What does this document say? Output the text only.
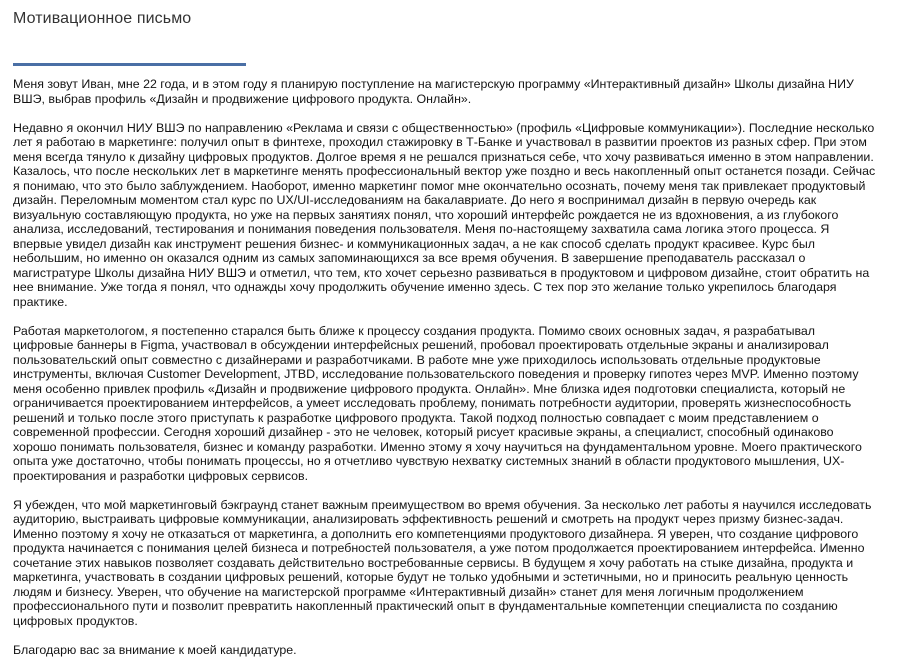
Мотивационное письмо

Меня зовут Иван, мне 22 года, и в этом году я планирую поступление на магистерскую программу «Интерактивный дизайн» Школы дизайна НИУ ВШЭ, выбрав профиль «Дизайн и продвижение цифрового продукта. Онлайн».

Недавно я окончил НИУ ВШЭ по направлению «Реклама и связи с общественностью» (профиль «Цифровые коммуникации»). Последние несколько лет я работаю в маркетинге: получил опыт в финтехе, проходил стажировку в Т-Банке и участвовал в развитии проектов из разных сфер. При этом меня всегда тянуло к дизайну цифровых продуктов. Долгое время я не решался признаться себе, что хочу развиваться именно в этом направлении. Казалось, что после нескольких лет в маркетинге менять профессиональный вектор уже поздно и весь накопленный опыт останется позади. Сейчас я понимаю, что это было заблуждением. Наоборот, именно маркетинг помог мне окончательно осознать, почему меня так привлекает продуктовый дизайн. Переломным моментом стал курс по UX/UI-исследованиям на бакалавриате. До него я воспринимал дизайн в первую очередь как визуальную составляющую продукта, но уже на первых занятиях понял, что хороший интерфейс рождается не из вдохновения, а из глубокого анализа, исследований, тестирования и понимания поведения пользователя. Меня по-настоящему захватила сама логика этого процесса. Я впервые увидел дизайн как инструмент решения бизнес- и коммуникационных задач, а не как способ сделать продукт красивее. Курс был небольшим, но именно он оказался одним из самых запоминающихся за все время обучения. В завершение преподаватель рассказал о магистратуре Школы дизайна НИУ ВШЭ и отметил, что тем, кто хочет серьезно развиваться в продуктовом и цифровом дизайне, стоит обратить на нее внимание. Уже тогда я понял, что однажды хочу продолжить обучение именно здесь. С тех пор это желание только укрепилось благодаря практике.

Работая маркетологом, я постепенно старался быть ближе к процессу создания продукта. Помимо своих основных задач, я разрабатывал цифровые баннеры в Figma, участвовал в обсуждении интерфейсных решений, пробовал проектировать отдельные экраны и анализировал пользовательский опыт совместно с дизайнерами и разработчиками. В работе мне уже приходилось использовать отдельные продуктовые инструменты, включая Customer Development, JTBD, исследование пользовательского поведения и проверку гипотез через MVP. Именно поэтому меня особенно привлек профиль «Дизайн и продвижение цифрового продукта. Онлайн». Мне близка идея подготовки специалиста, который не ограничивается проектированием интерфейсов, а умеет исследовать проблему, понимать потребности аудитории, проверять жизнеспособность решений и только после этого приступать к разработке цифрового продукта. Такой подход полностью совпадает с моим представлением о современной профессии. Сегодня хороший дизайнер - это не человек, который рисует красивые экраны, а специалист, способный одинаково хорошо понимать пользователя, бизнес и команду разработки. Именно этому я хочу научиться на фундаментальном уровне. Моего практического опыта уже достаточно, чтобы понимать процессы, но я отчетливо чувствую нехватку системных знаний в области продуктового мышления, UX-проектирования и разработки цифровых сервисов.

Я убежден, что мой маркетинговый бэкграунд станет важным преимуществом во время обучения. За несколько лет работы я научился исследовать аудиторию, выстраивать цифровые коммуникации, анализировать эффективность решений и смотреть на продукт через призму бизнес-задач. Именно поэтому я хочу не отказаться от маркетинга, а дополнить его компетенциями продуктового дизайнера. Я уверен, что создание цифрового продукта начинается с понимания целей бизнеса и потребностей пользователя, а уже потом продолжается проектированием интерфейса. Именно сочетание этих навыков позволяет создавать действительно востребованные сервисы. В будущем я хочу работать на стыке дизайна, продукта и маркетинга, участвовать в создании цифровых решений, которые будут не только удобными и эстетичными, но и приносить реальную ценность людям и бизнесу. Уверен, что обучение на магистерской программе «Интерактивный дизайн» станет для меня логичным продолжением профессионального пути и позволит превратить накопленный практический опыт в фундаментальные компетенции специалиста по созданию цифровых продуктов.

Благодарю вас за внимание к моей кандидатуре.
